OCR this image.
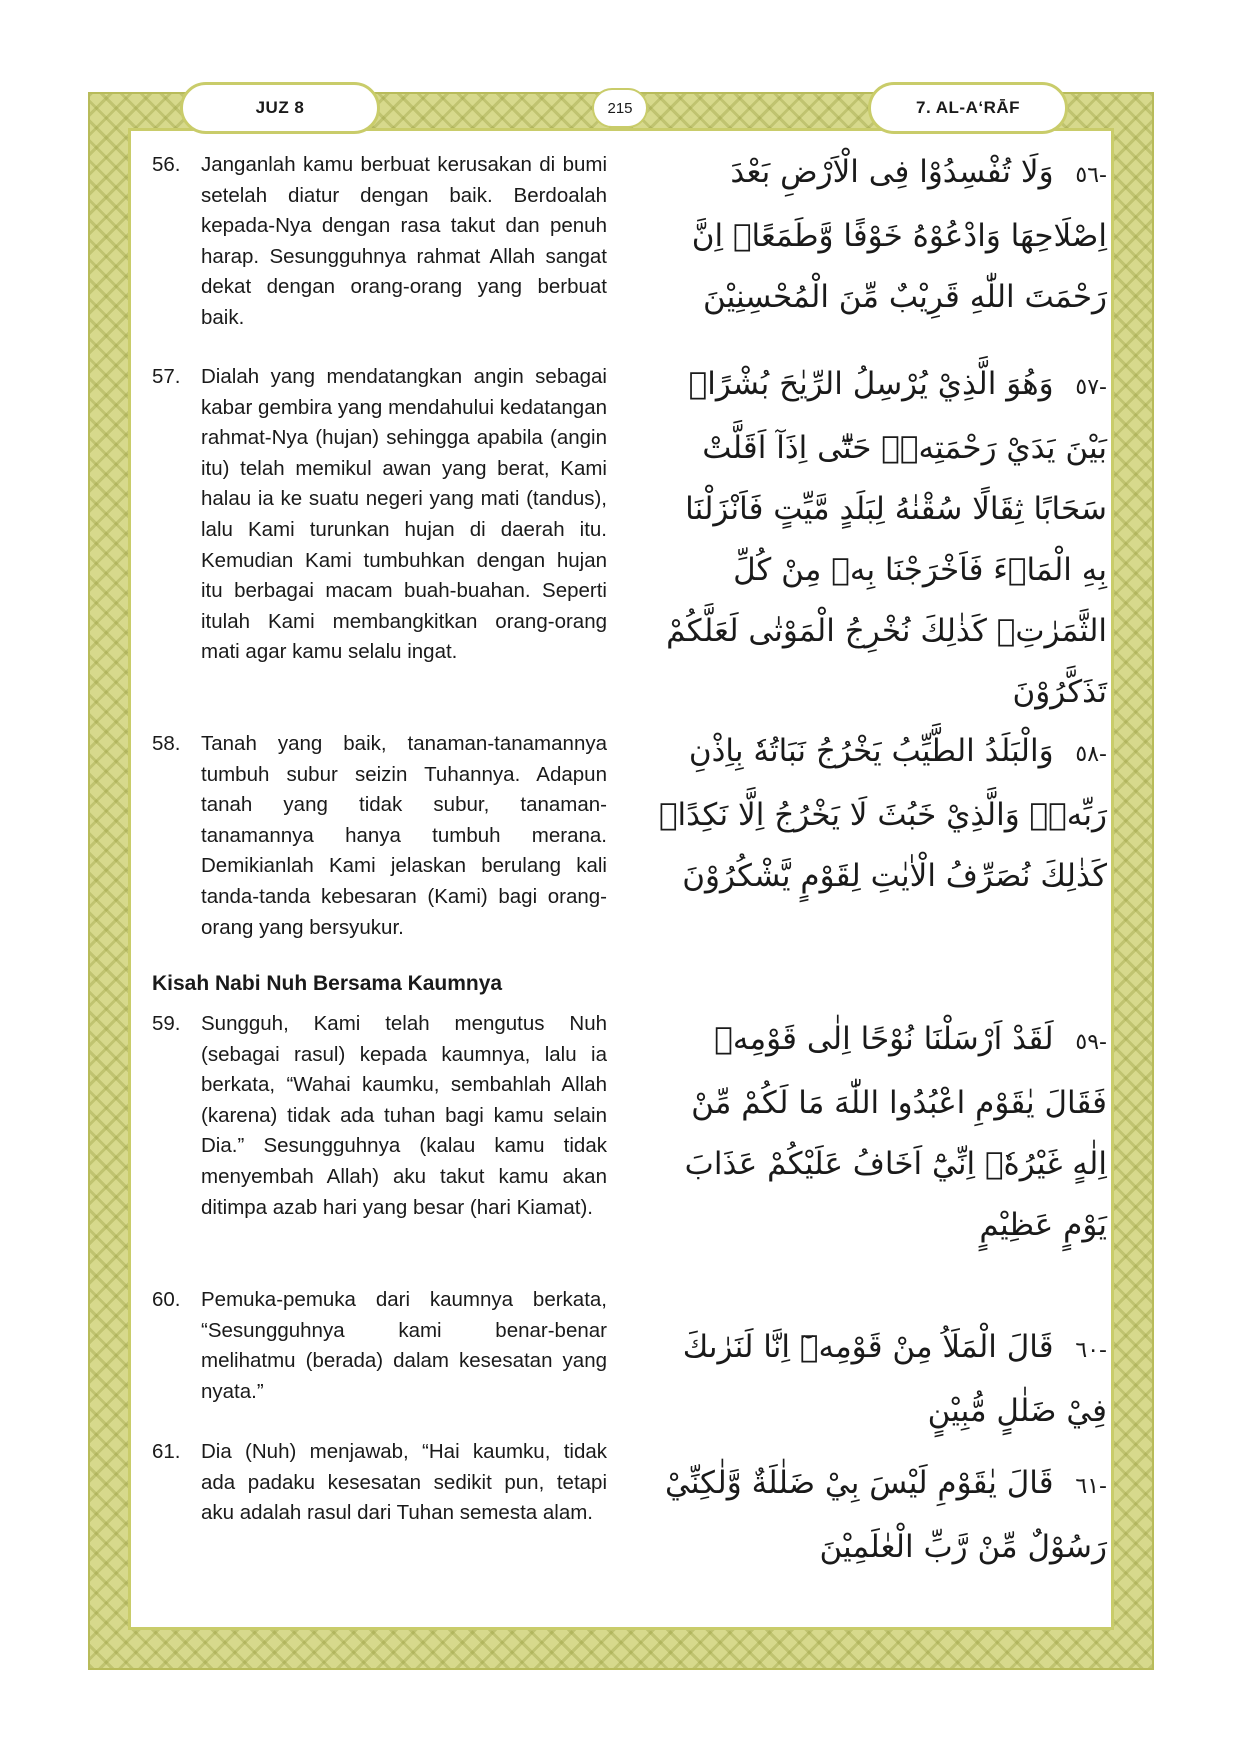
JUZ 8	215	7. AL-A‘RĀF
56. Janganlah kamu berbuat kerusakan di bumi setelah diatur dengan baik. Berdoalah kepada-Nya dengan rasa takut dan penuh harap. Sesungguhnya rahmat Allah sangat dekat dengan orang-orang yang berbuat baik.
-٥٦ وَلَا تُفْسِدُوْا فِى الْاَرْضِ بَعْدَ اِصْلَاحِهَا وَادْعُوْهُ خَوْفًا وَّطَمَعًاۗ اِنَّ رَحْمَتَ اللّٰهِ قَرِيْبٌ مِّنَ الْمُحْسِنِيْنَ
57. Dialah yang mendatangkan angin sebagai kabar gembira yang mendahului kedatangan rahmat-Nya (hujan) sehingga apabila (angin itu) telah memikul awan yang berat, Kami halau ia ke suatu negeri yang mati (tandus), lalu Kami turunkan hujan di daerah itu. Kemudian Kami tumbuhkan dengan hujan itu berbagai macam buah-buahan. Seperti itulah Kami membangkitkan orang-orang mati agar kamu selalu ingat.
-٥٧ وَهُوَ الَّذِيْ يُرْسِلُ الرِّيٰحَ بُشْرًاۢ بَيْنَ يَدَيْ رَحْمَتِهٖۗ حَتّٰٓى اِذَآ اَقَلَّتْ سَحَابًا ثِقَالًا سُقْنٰهُ لِبَلَدٍ مَّيِّتٍ فَاَنْزَلْنَا بِهِ الْمَاۤءَ فَاَخْرَجْنَا بِهٖ مِنْ كُلِّ الثَّمَرٰتِۗ كَذٰلِكَ نُخْرِجُ الْمَوْتٰى لَعَلَّكُمْ تَذَكَّرُوْنَ
58. Tanah yang baik, tanaman-tanamannya tumbuh subur seizin Tuhannya. Adapun tanah yang tidak subur, tanaman-tanamannya hanya tumbuh merana. Demikianlah Kami jelaskan berulang kali tanda-tanda kebesaran (Kami) bagi orang-orang yang bersyukur.
-٥٨ وَالْبَلَدُ الطَّيِّبُ يَخْرُجُ نَبَاتُهٗ بِاِذْنِ رَبِّهٖۚ وَالَّذِيْ خَبُثَ لَا يَخْرُجُ اِلَّا نَكِدًاۗ كَذٰلِكَ نُصَرِّفُ الْاٰيٰتِ لِقَوْمٍ يَّشْكُرُوْنَ
Kisah Nabi Nuh Bersama Kaumnya
59. Sungguh, Kami telah mengutus Nuh (sebagai rasul) kepada kaumnya, lalu ia berkata, “Wahai kaumku, sembahlah Allah (karena) tidak ada tuhan bagi kamu selain Dia.” Sesungguhnya (kalau kamu tidak menyembah Allah) aku takut kamu akan ditimpa azab hari yang besar (hari Kiamat).
-٥٩ لَقَدْ اَرْسَلْنَا نُوْحًا اِلٰى قَوْمِهٖ فَقَالَ يٰقَوْمِ اعْبُدُوا اللّٰهَ مَا لَكُمْ مِّنْ اِلٰهٍ غَيْرُهٗۗ اِنِّيْٓ اَخَافُ عَلَيْكُمْ عَذَابَ يَوْمٍ عَظِيْمٍ
60. Pemuka-pemuka dari kaumnya berkata, “Sesungguhnya kami benar-benar melihatmu (berada) dalam kesesatan yang nyata.”
-٦٠ قَالَ الْمَلَاُ مِنْ قَوْمِهٖٓ اِنَّا لَنَرٰىكَ فِيْ ضَلٰلٍ مُّبِيْنٍ
61. Dia (Nuh) menjawab, “Hai kaumku, tidak ada padaku kesesatan sedikit pun, tetapi aku adalah rasul dari Tuhan semesta alam.
-٦١ قَالَ يٰقَوْمِ لَيْسَ بِيْ ضَلٰلَةٌ وَّلٰكِنِّيْ رَسُوْلٌ مِّنْ رَّبِّ الْعٰلَمِيْنَ
